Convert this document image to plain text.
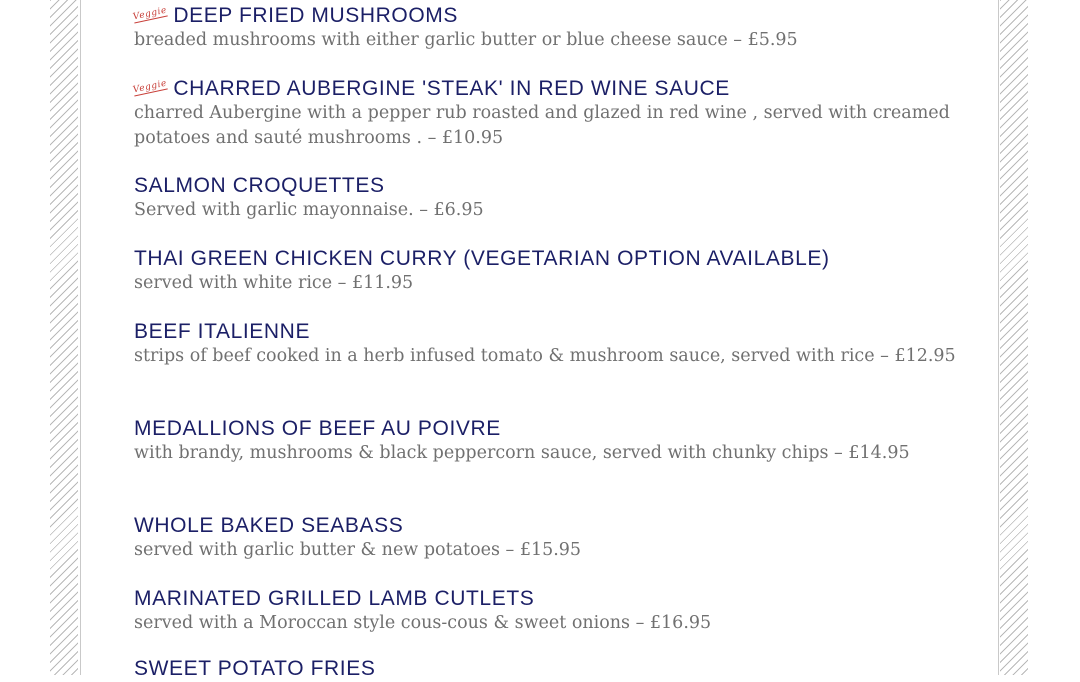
Veggie DEEP FRIED MUSHROOMS
breaded mushrooms with either garlic butter or blue cheese sauce – £5.95
Veggie CHARRED AUBERGINE 'STEAK' IN RED WINE SAUCE
charred Aubergine with a pepper rub roasted and glazed in red wine , served with creamed potatoes and sauté mushrooms . – £10.95
SALMON CROQUETTES
Served with garlic mayonnaise. – £6.95
THAI GREEN CHICKEN CURRY (VEGETARIAN OPTION AVAILABLE)
served with white rice – £11.95
BEEF ITALIENNE
strips of beef cooked in a herb infused tomato & mushroom sauce, served with rice – £12.95
MEDALLIONS OF BEEF AU POIVRE
with brandy, mushrooms & black peppercorn sauce, served with chunky chips – £14.95
WHOLE BAKED SEABASS
served with garlic butter & new potatoes – £15.95
MARINATED GRILLED LAMB CUTLETS
served with a Moroccan style cous-cous & sweet onions – £16.95
SWEET POTATO FRIES
